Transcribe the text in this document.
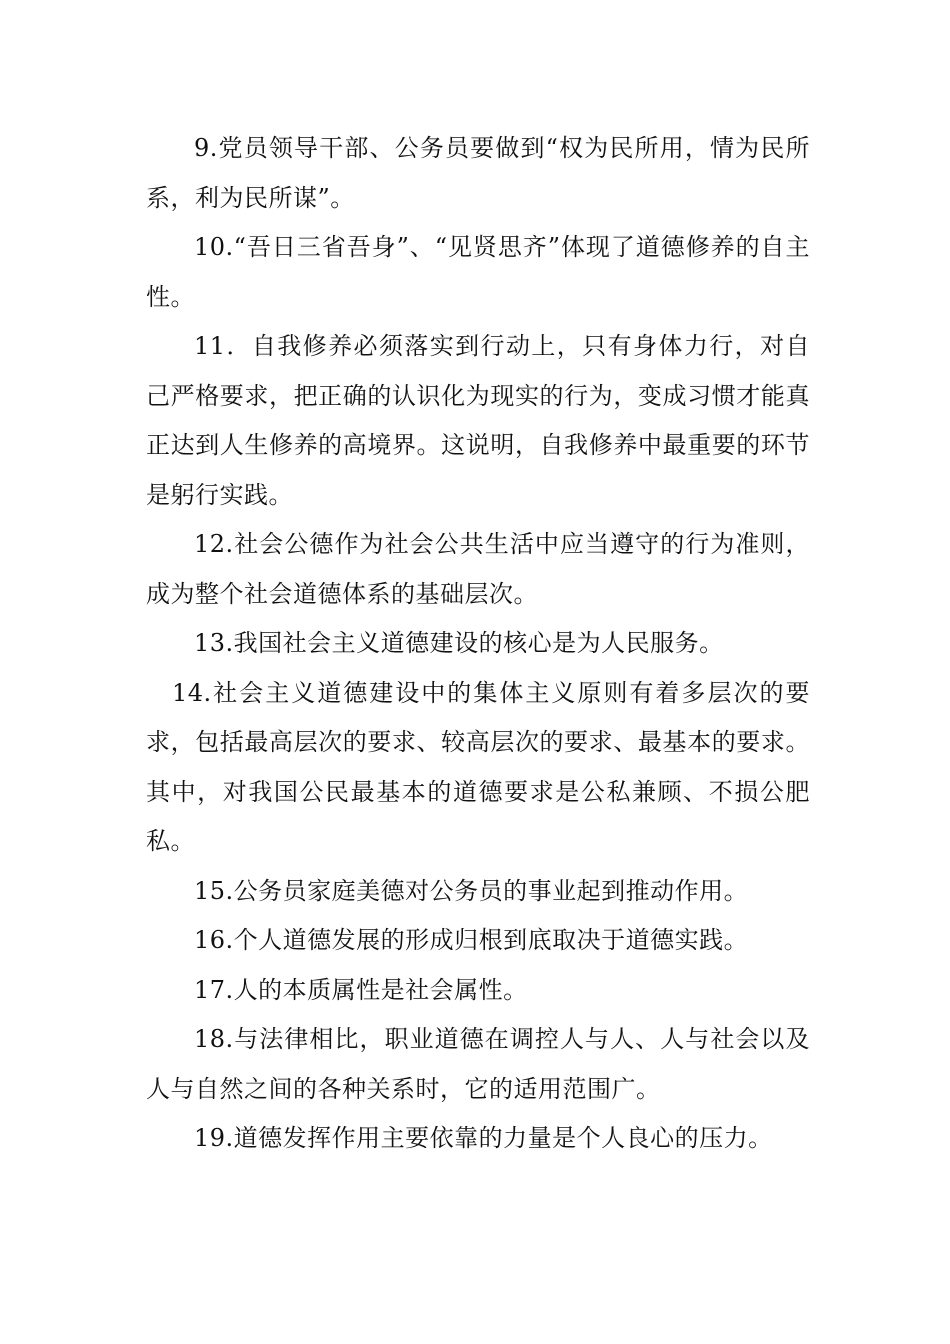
9.党员领导干部、公务员要做到“权为民所用，情为民所系，利为民所谋”。

10.“吾日三省吾身”、“见贤思齐”体现了道德修养的自主性。

11．自我修养必须落实到行动上，只有身体力行，对自己严格要求，把正确的认识化为现实的行为，变成习惯才能真正达到人生修养的高境界。这说明，自我修养中最重要的环节是躬行实践。

12.社会公德作为社会公共生活中应当遵守的行为准则，成为整个社会道德体系的基础层次。

13.我国社会主义道德建设的核心是为人民服务。

14.社会主义道德建设中的集体主义原则有着多层次的要求，包括最高层次的要求、较高层次的要求、最基本的要求。其中，对我国公民最基本的道德要求是公私兼顾、不损公肥私。

15.公务员家庭美德对公务员的事业起到推动作用。

16.个人道德发展的形成归根到底取决于道德实践。

17.人的本质属性是社会属性。

18.与法律相比，职业道德在调控人与人、人与社会以及人与自然之间的各种关系时，它的适用范围广。

19.道德发挥作用主要依靠的力量是个人良心的压力。
